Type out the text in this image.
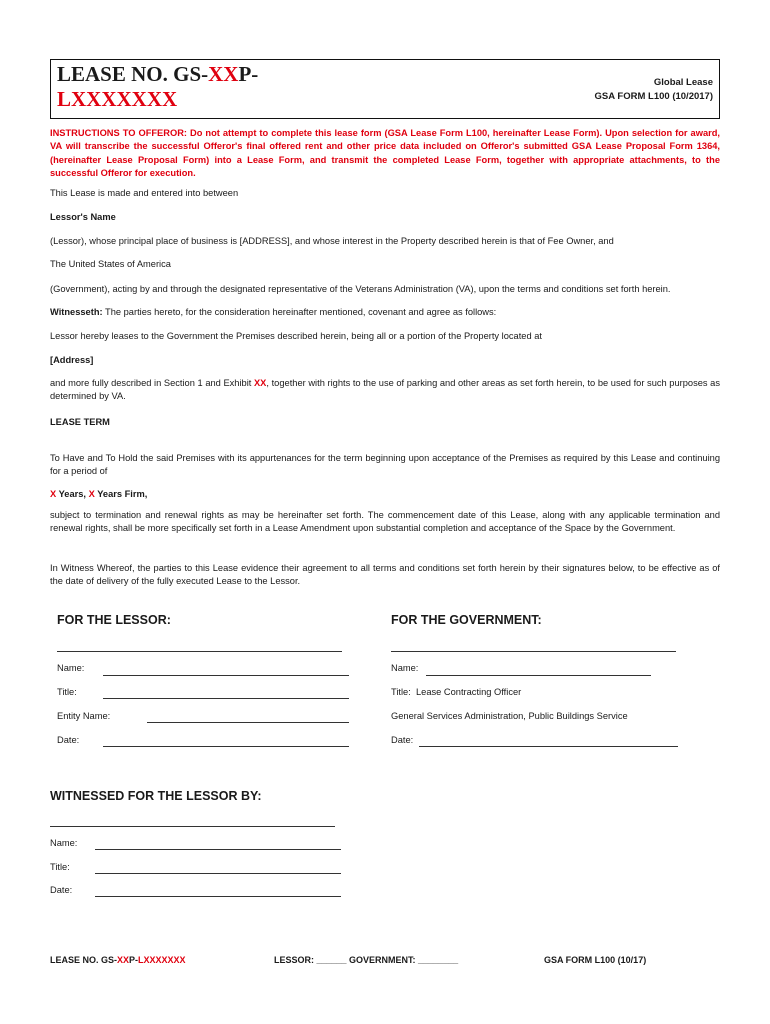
LEASE NO. GS-XXP-
LXXXXXXX
Global Lease
GSA FORM L100 (10/2017)
INSTRUCTIONS TO OFFEROR: Do not attempt to complete this lease form (GSA Lease Form L100, hereinafter Lease Form). Upon selection for award, VA will transcribe the successful Offeror's final offered rent and other price data included on Offeror's submitted GSA Lease Proposal Form 1364, (hereinafter Lease Proposal Form) into a Lease Form, and transmit the completed Lease Form, together with appropriate attachments, to the successful Offeror for execution.
This Lease is made and entered into between
Lessor's Name
(Lessor), whose principal place of business is [ADDRESS], and whose interest in the Property described herein is that of Fee Owner, and
The United States of America
(Government), acting by and through the designated representative of the Veterans Administration (VA), upon the terms and conditions set forth herein.
Witnesseth: The parties hereto, for the consideration hereinafter mentioned, covenant and agree as follows:
Lessor hereby leases to the Government the Premises described herein, being all or a portion of the Property located at
[Address]
and more fully described in Section 1 and Exhibit XX, together with rights to the use of parking and other areas as set forth herein, to be used for such purposes as determined by VA.
LEASE TERM
To Have and To Hold the said Premises with its appurtenances for the term beginning upon acceptance of the Premises as required by this Lease and continuing for a period of
X Years, X Years Firm,
subject to termination and renewal rights as may be hereinafter set forth. The commencement date of this Lease, along with any applicable termination and renewal rights, shall be more specifically set forth in a Lease Amendment upon substantial completion and acceptance of the Space by the Government.
In Witness Whereof, the parties to this Lease evidence their agreement to all terms and conditions set forth herein by their signatures below, to be effective as of the date of delivery of the fully executed Lease to the Lessor.
FOR THE LESSOR:
Name:
Title:
Entity Name:
Date:
FOR THE GOVERNMENT:
Name:
Title: Lease Contracting Officer
General Services Administration, Public Buildings Service
Date:
WITNESSED FOR THE LESSOR BY:
Name:
Title:
Date:
LEASE NO. GS-XXP-LXXXXXXX	LESSOR: ______ GOVERNMENT: ________	GSA FORM L100 (10/17)
